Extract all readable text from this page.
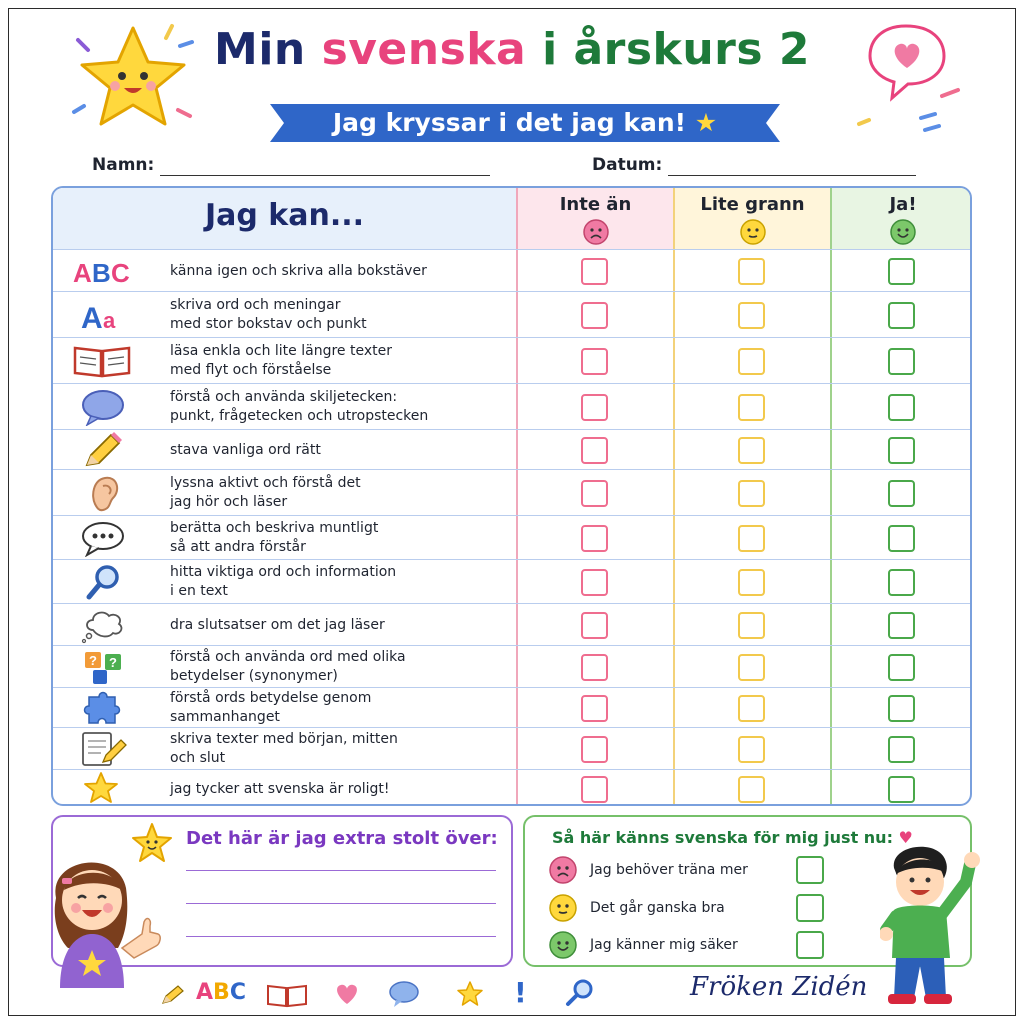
Min svenska i årskurs 2
Jag kryssar i det jag kan! ★
Namn:	Datum:
Jag kan...	Inte än	Lite grann	Ja!
A B C	känna igen och skriva alla bokstäver
A a
skriva ord och meningar
med stor bokstav och punkt
läsa enkla och lite längre texter
med flyt och förståelse
förstå och använda skiljetecken:
punkt, frågetecken och utropstecken
stava vanliga ord rätt
lyssna aktivt och förstå det
jag hör och läser
berätta och beskriva muntligt
så att andra förstår
hitta viktiga ord och information
i en text
dra slutsatser om det jag läser
? ?	förstå och använda ord med olika
betydelser (synonymer)
förstå ords betydelse genom
sammanhanget
skriva texter med början, mitten
och slut
jag tycker att svenska är roligt!
Det här är jag extra stolt över:	Så här känns svenska för mig just nu: ♥
Jag behöver träna mer
Det går ganska bra
Jag känner mig säker
ABC	!	Fröken Zidén
